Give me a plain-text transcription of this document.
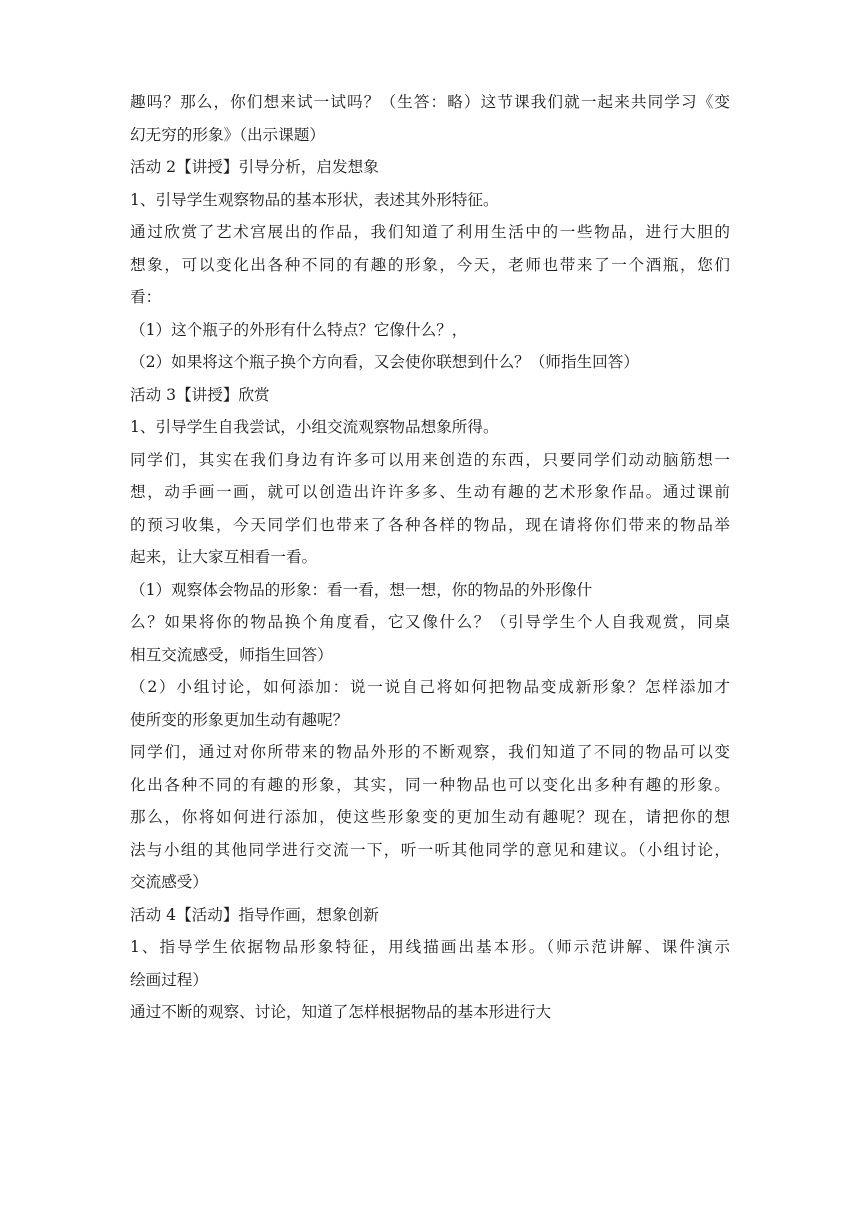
趣吗？那么，你们想来试一试吗？（生答：略）这节课我们就一起来共同学习《变
幻无穷的形象》（出示课题）
活动 2【讲授】引导分析，启发想象
1、引导学生观察物品的基本形状，表述其外形特征。
通过欣赏了艺术宫展出的作品，我们知道了利用生活中的一些物品，进行大胆的
想象，可以变化出各种不同的有趣的形象，今天，老师也带来了一个酒瓶，您们
看：
（1）这个瓶子的外形有什么特点？它像什么？，
（2）如果将这个瓶子换个方向看，又会使你联想到什么？（师指生回答）
活动 3【讲授】欣赏
1、引导学生自我尝试，小组交流观察物品想象所得。
同学们，其实在我们身边有许多可以用来创造的东西，只要同学们动动脑筋想一
想，动手画一画，就可以创造出许许多多、生动有趣的艺术形象作品。通过课前
的预习收集，今天同学们也带来了各种各样的物品，现在请将你们带来的物品举
起来，让大家互相看一看。
（1）观察体会物品的形象：看一看，想一想，你的物品的外形像什
么？如果将你的物品换个角度看，它又像什么？（引导学生个人自我观赏，同桌
相互交流感受，师指生回答）
（2）小组讨论，如何添加：说一说自己将如何把物品变成新形象？怎样添加才
使所变的形象更加生动有趣呢？
同学们，通过对你所带来的物品外形的不断观察，我们知道了不同的物品可以变
化出各种不同的有趣的形象，其实，同一种物品也可以变化出多种有趣的形象。
那么，你将如何进行添加，使这些形象变的更加生动有趣呢？现在，请把你的想
法与小组的其他同学进行交流一下，听一听其他同学的意见和建议。（小组讨论，
交流感受）
活动 4【活动】指导作画，想象创新
1、指导学生依据物品形象特征，用线描画出基本形。（师示范讲解、课件演示
绘画过程）
通过不断的观察、讨论，知道了怎样根据物品的基本形进行大
